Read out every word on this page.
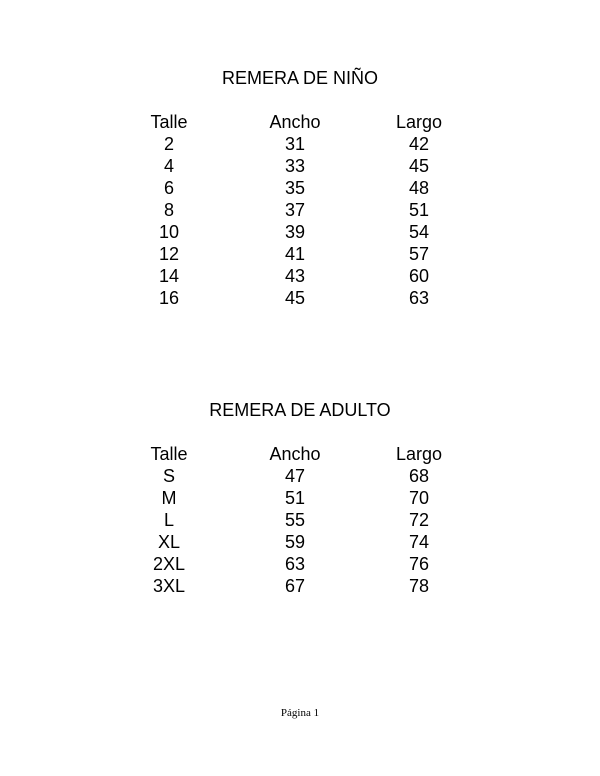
REMERA DE NIÑO
Talle	Ancho	Largo
2	31	42
4	33	45
6	35	48
8	37	51
10	39	54
12	41	57
14	43	60
16	45	63
REMERA DE ADULTO
Talle	Ancho	Largo
S	47	68
M	51	70
L	55	72
XL	59	74
2XL	63	76
3XL	67	78
Página 1
